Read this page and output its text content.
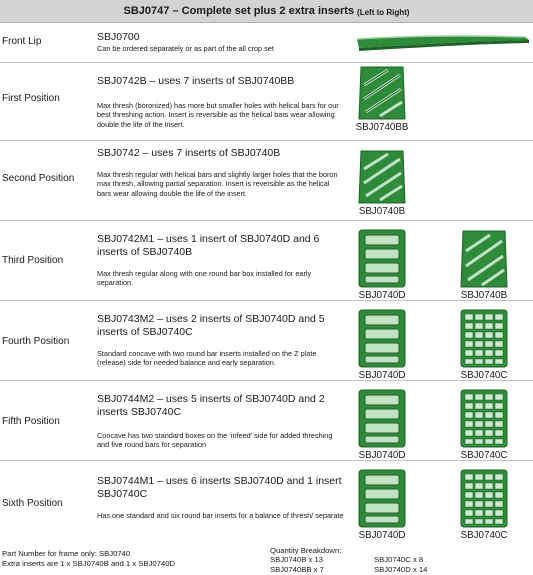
SBJ0747 – Complete set plus 2 extra inserts (Left to Right)
Front Lip	SBJ0700
Can be ordered separately or as part of the all crop set
First Position
SBJ0742B – uses 7 inserts of SBJ0740BB
Max thresh (boronized) has more but smaller holes with helical bars for our best threshing action. Insert is reversible as the helical bars wear allowing double the life of the insert.	SBJ0740BB
Second Position
SBJ0742 – uses 7 inserts of SBJ0740B
Max thresh regular with helical bars and slightly larger holes that the boron max thresh, allowing partial separation. Insert is reversible as the helical bars wear allowing double the life of the insert.
SBJ0740B
Third Position
SBJ0742M1 – uses 1 insert of SBJ0740D and 6 inserts of SBJ0740B
Max thresh regular along with one round bar box installed for early separation.
SBJ0740D	SBJ0740B
Fourth Position
SBJ0743M2 – uses 2 inserts of SBJ0740D and 5 inserts of SBJ0740C
Standard concave with two round bar inserts installed on the Z plate (release) side for needed balance and early separation.
SBJ0740D	SBJ0740C
Fifth Position
SBJ0744M2 – uses 5 inserts of SBJ0740D and 2 inserts SBJ0740C
Concave has two standard boxes on the ‘infeed’ side for added threshing and five round bars for separation
SBJ0740D	SBJ0740C
Sixth Position
SBJ0744M1 – uses 6 inserts SBJ0740D and 1 insert SBJ0740C
Has one standard and six round bar inserts for a balance of thresh/ separate
SBJ0740D	SBJ0740C
Part Number for frame only: SBJ0740
Extra inserts are 1 x SBJ0740B and 1 x SBJ0740D
Quantity Breakdown:
SBJ0740B x 13	SBJ0740C x 8
SBJ0740BB x 7	SBJ0740D x 14
